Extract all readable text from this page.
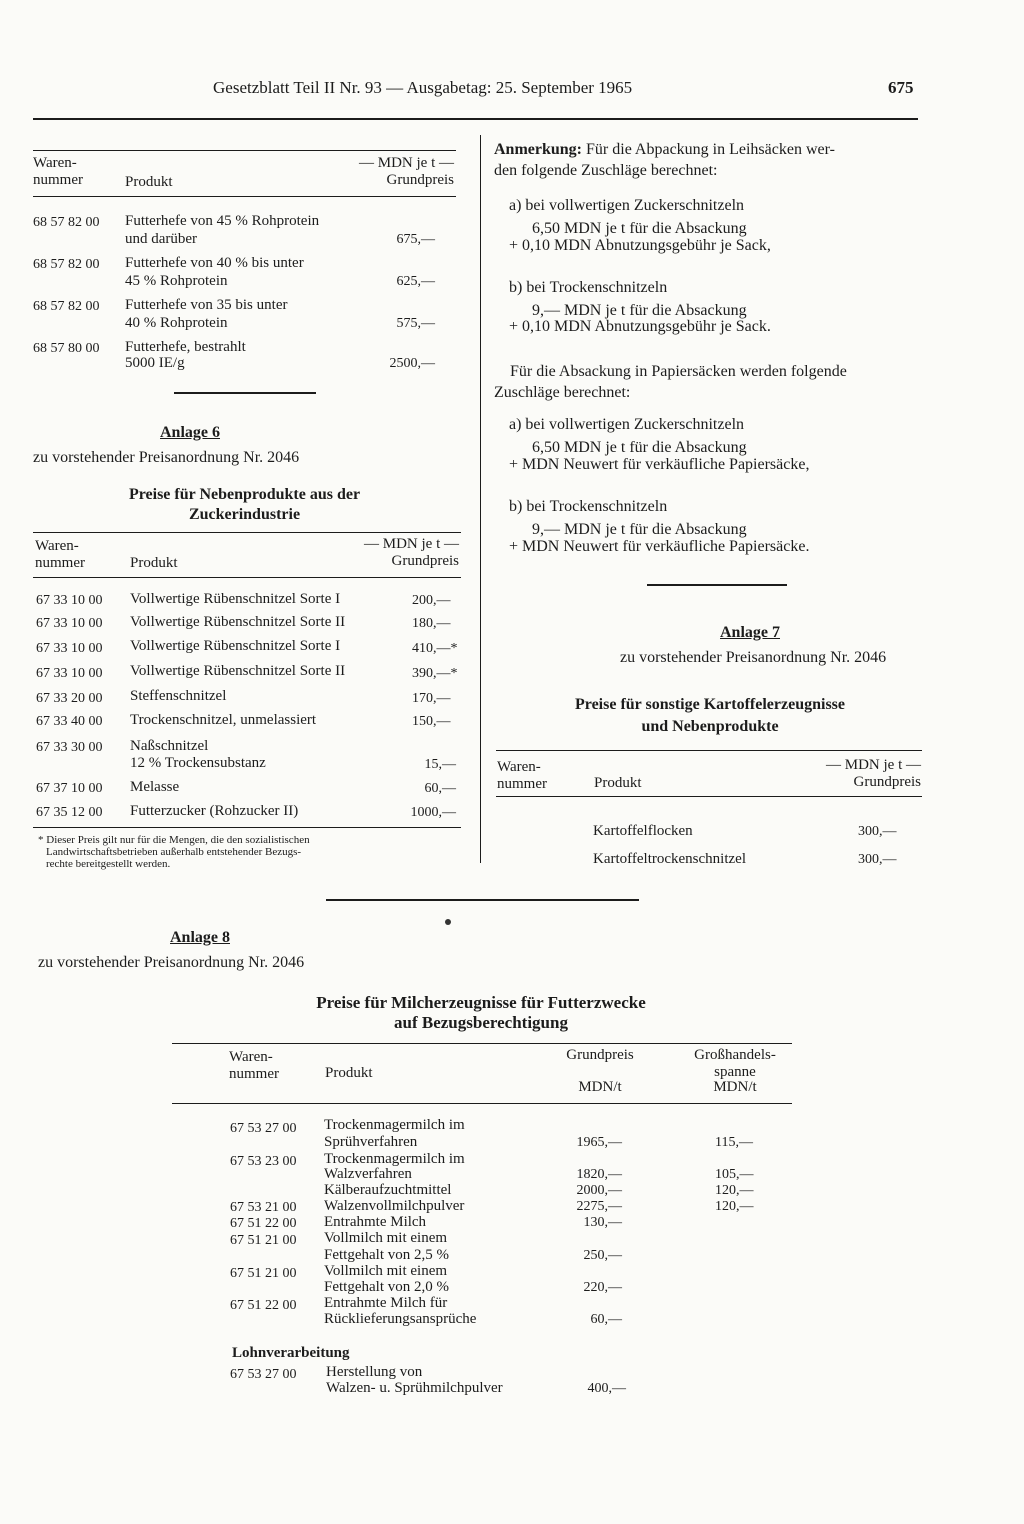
Gesetzblatt Teil II Nr. 93 — Ausgabetag: 25. September 1965	675
Waren-
nummer	Produkt
— MDN je t —
Grundpreis
68 57 82 00 Futterhefe von 45 % Rohprotein
und darüber	675,—
68 57 82 00 Futterhefe von 40 % bis unter
45 % Rohprotein	625,—
68 57 82 00 Futterhefe von 35 bis unter
40 % Rohprotein	575,—
68 57 80 00 Futterhefe, bestrahlt
5000 IE/g	2500,—
Anlage 6
zu vorstehender Preisanordnung Nr. 2046
Preise für Nebenprodukte aus der
Zuckerindustrie
Waren-
nummer	Produkt
— MDN je t —
Grundpreis
67 33 10 00 Vollwertige Rübenschnitzel Sorte I	200,—
67 33 10 00 Vollwertige Rübenschnitzel Sorte II	180,—
67 33 10 00 Vollwertige Rübenschnitzel Sorte I	410,—*
67 33 10 00 Vollwertige Rübenschnitzel Sorte II	390,—*
67 33 20 00 Steffenschnitzel	170,—
67 33 40 00 Trockenschnitzel, unmelassiert	150,—
67 33 30 00 Naßschnitzel
12 % Trockensubstanz	15,—
67 37 10 00 Melasse	60,—
67 35 12 00 Futterzucker (Rohzucker II)	1000,—
* Dieser Preis gilt nur für die Mengen, die den sozialistischen
Landwirtschaftsbetrieben außerhalb entstehender Bezugs-
rechte bereitgestellt werden.
Anmerkung: Für die Abpackung in Leihsäcken wer-
den folgende Zuschläge berechnet:
a) bei vollwertigen Zuckerschnitzeln
6,50 MDN je t für die Absackung
+ 0,10 MDN Abnutzungsgebühr je Sack,
b) bei Trockenschnitzeln
9,— MDN je t für die Absackung
+ 0,10 MDN Abnutzungsgebühr je Sack.
Für die Absackung in Papiersäcken werden folgende
Zuschläge berechnet:
a) bei vollwertigen Zuckerschnitzeln
6,50 MDN je t für die Absackung
+ MDN Neuwert für verkäufliche Papiersäcke,
b) bei Trockenschnitzeln
9,— MDN je t für die Absackung
+ MDN Neuwert für verkäufliche Papiersäcke.
Anlage 7
zu vorstehender Preisanordnung Nr. 2046
Preise für sonstige Kartoffelerzeugnisse
und Nebenprodukte
Waren-
nummer	Produkt
— MDN je t —
Grundpreis
Kartoffelflocken	300,—
Kartoffeltrockenschnitzel	300,—
Anlage 8
zu vorstehender Preisanordnung Nr. 2046
Preise für Milcherzeugnisse für Futterzwecke
auf Bezugsberechtigung
Waren-
nummer	Produkt
Grundpreis
MDN/t
Großhandels-
spanne
MDN/t
67 53 27 00 Trockenmagermilch im
Sprühverfahren	1965,—	115,—
67 53 23 00 Trockenmagermilch im
Walzverfahren	1820,—	105,—
Kälberaufzuchtmittel	2000,—	120,—
67 53 21 00 Walzenvollmilchpulver	2275,—	120,—
67 51 22 00 Entrahmte Milch	130,—
67 51 21 00 Vollmilch mit einem
Fettgehalt von 2,5 %	250,—
67 51 21 00 Vollmilch mit einem
Fettgehalt von 2,0 %	220,—
67 51 22 00 Entrahmte Milch für
Rücklieferungsansprüche	60,—
Lohnverarbeitung
67 53 27 00 Herstellung von
Walzen- u. Sprühmilchpulver	400,—
